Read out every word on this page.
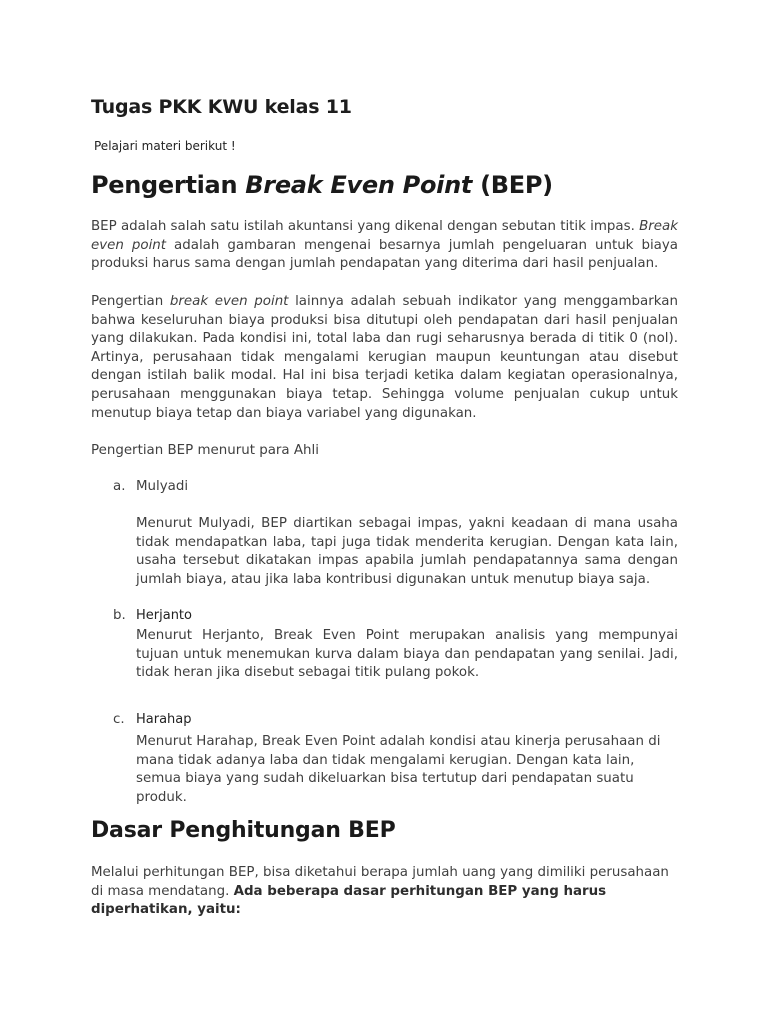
Tugas PKK KWU kelas 11

Pelajari materi berikut !

Pengertian Break Even Point (BEP)

BEP adalah salah satu istilah akuntansi yang dikenal dengan sebutan titik impas. Break even point adalah gambaran mengenai besarnya jumlah pengeluaran untuk biaya produksi harus sama dengan jumlah pendapatan yang diterima dari hasil penjualan.

Pengertian break even point lainnya adalah sebuah indikator yang menggambarkan bahwa keseluruhan biaya produksi bisa ditutupi oleh pendapatan dari hasil penjualan yang dilakukan. Pada kondisi ini, total laba dan rugi seharusnya berada di titik 0 (nol). Artinya, perusahaan tidak mengalami kerugian maupun keuntungan atau disebut dengan istilah balik modal. Hal ini bisa terjadi ketika dalam kegiatan operasionalnya, perusahaan menggunakan biaya tetap. Sehingga volume penjualan cukup untuk menutup biaya tetap dan biaya variabel yang digunakan.

Pengertian BEP menurut para Ahli

a. Mulyadi

Menurut Mulyadi, BEP diartikan sebagai impas, yakni keadaan di mana usaha tidak mendapatkan laba, tapi juga tidak menderita kerugian. Dengan kata lain, usaha tersebut dikatakan impas apabila jumlah pendapatannya sama dengan jumlah biaya, atau jika laba kontribusi digunakan untuk menutup biaya saja.

b. Herjanto

Menurut Herjanto, Break Even Point merupakan analisis yang mempunyai tujuan untuk menemukan kurva dalam biaya dan pendapatan yang senilai. Jadi, tidak heran jika disebut sebagai titik pulang pokok.

c. Harahap

Menurut Harahap, Break Even Point adalah kondisi atau kinerja perusahaan di mana tidak adanya laba dan tidak mengalami kerugian. Dengan kata lain, semua biaya yang sudah dikeluarkan bisa tertutup dari pendapatan suatu produk.

Dasar Penghitungan BEP

Melalui perhitungan BEP, bisa diketahui berapa jumlah uang yang dimiliki perusahaan di masa mendatang. Ada beberapa dasar perhitungan BEP yang harus diperhatikan, yaitu:
